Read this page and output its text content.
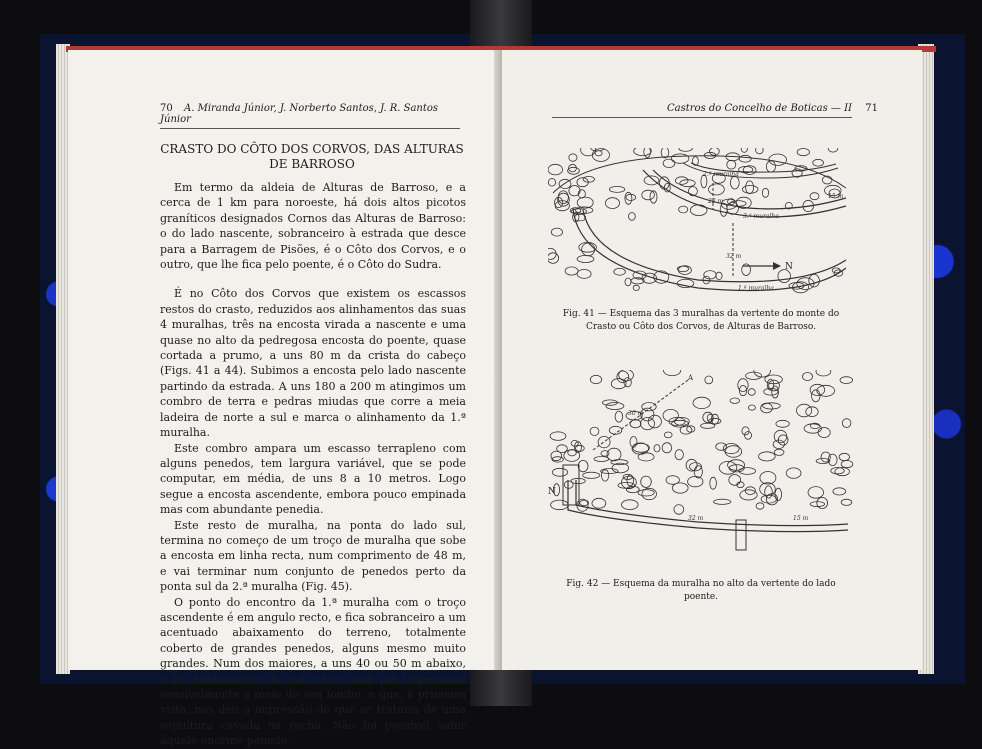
70 A. Miranda Júnior, J. Norberto Santos, J. R. Santos Júnior
CRASTO DO CÔTO DOS CORVOS, DAS ALTURAS
DE BARROSO

Em termo da aldeia de Alturas de Barroso, e a cerca de 1 km para noroeste, há dois altos picotos graníticos designados Cornos das Alturas de Barroso: o do lado nascente, sobranceiro à estrada que desce para a Barragem de Pisões, é o Côto dos Corvos, e o outro, que lhe fica pelo poente, é o Côto do Sudra.

É no Côto dos Corvos que existem os escassos restos do crasto, reduzidos aos alinhamentos das suas 4 muralhas, três na encosta virada a nascente e uma quase no alto da pedregosa encosta do poente, quase cortada a prumo, a uns 80 m da crista do cabeço (Figs. 41 a 44). Subimos a encosta pelo lado nascente partindo da estrada. A uns 180 a 200 m atingimos um combro de terra e pedras miudas que corre a meia ladeira de norte a sul e marca o alinhamento da 1.ª muralha.

Este combro ampara um escasso terrapleno com alguns penedos, tem largura variável, que se pode computar, em média, de uns 8 a 10 metros. Logo segue a encosta ascendente, embora pouco empinada mas com abundante penedia.

Este resto de muralha, na ponta do lado sul, termina no começo de um troço de muralha que sobe a encosta em linha recta, num comprimento de 48 m, e vai terminar num conjunto de penedos perto da ponta sul da 2.ª muralha (Fig. 45).

O ponto do encontro da 1.ª muralha com o troço ascendente é em angulo recto, e fica sobranceiro a um acentuado abaixamento do terreno, totalmente coberto de grandes penedos, alguns mesmo muito grandes. Num dos maiores, a uns 40 ou 50 m abaixo, e no alinhamento do sul, vê-se uma pia trapezoidal sensivelmente a meio do seu lombo, e que, à primeira vista, nos deu a impressão de que se trataria de uma sepultura cavada na rocha. Não foi possível subir àquele enorme penedo.

Castros do Concelho de Boticas — II 71
2.ª muralha
1.ª muralha
3.ª muralha
22 m
32 m
15 m
N
Fig. 41 — Esquema das 3 muralhas da vertente do monte do Crasto ou Côto dos Corvos, de Alturas de Barroso.
30 m
32 m	15 m
N
A
Fig. 42 — Esquema da muralha no alto da vertente do lado poente.
